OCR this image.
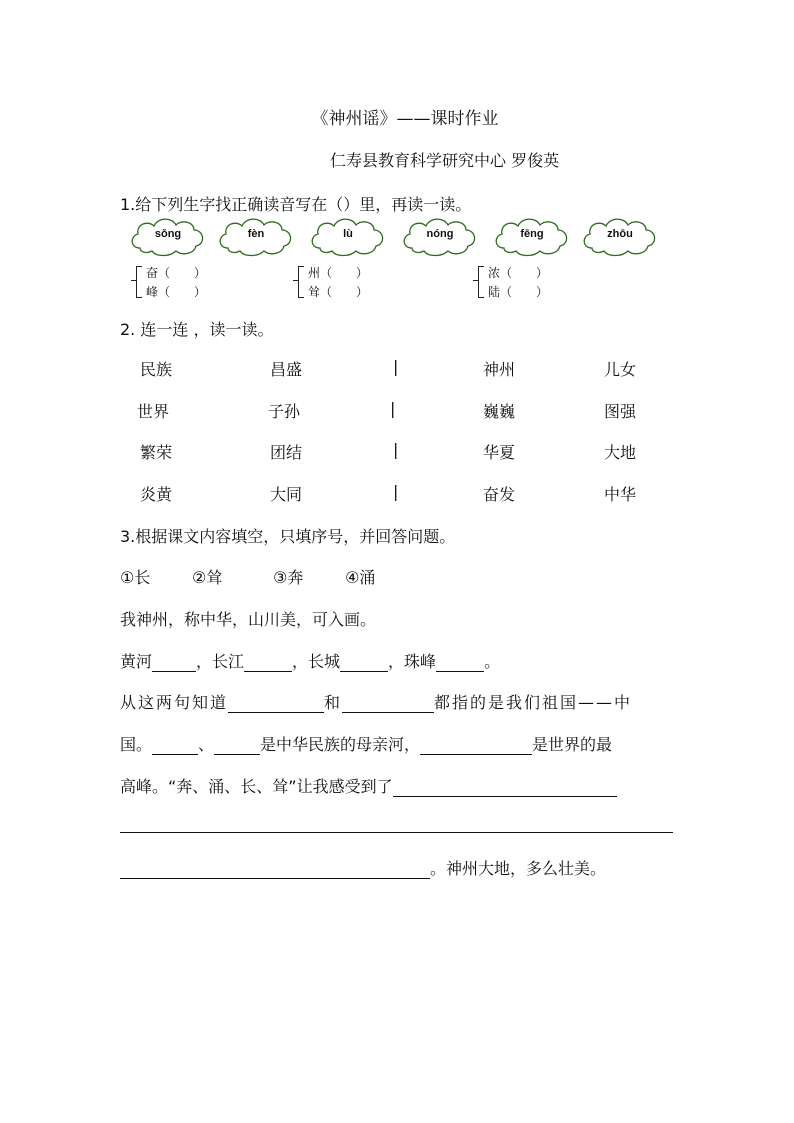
《神州谣》——课时作业
仁寿县教育科学研究中心 罗俊英
1.给下列生字找正确读音写在（）里，再读一读。
sǒng	fèn	lù	nóng	fēng	zhōu
奋（　　）
峰（　　）
州（　　）
耸（　　）
浓（　　）
陆（　　）
2. 连一连 ，读一读。
民族	昌盛	|	神州	儿女
世界	子孙	|	巍巍	图强
繁荣	团结	|	华夏	大地
炎黄	大同	|	奋发	中华
3.根据课文内容填空，只填序号，并回答问题。
①长	②耸	③奔	④涌
我神州，称中华，山川美，可入画。
黄河	，长江	，长城	，珠峰	。
从这两句知道	和	都指的是我们祖国——中
国。	、	是中华民族的母亲河，	是世界的最
高峰。“奔、涌、长、耸”让我感受到了
。神州大地，多么壮美。
